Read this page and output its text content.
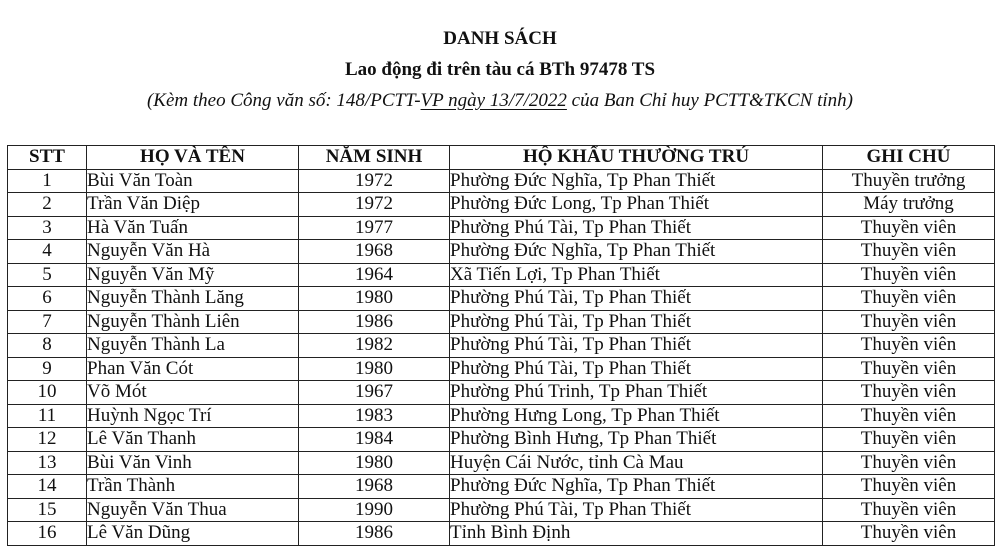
DANH SÁCH
Lao động đi trên tàu cá BTh 97478 TS
(Kèm theo Công văn số: 148/PCTT-VP ngày 13/7/2022 của Ban Chỉ huy PCTT&TKCN tỉnh)
STT	HỌ VÀ TÊN	NĂM SINH	HỘ KHẨU THƯỜNG TRÚ	GHI CHÚ
1	Bùi Văn Toàn	1972	Phường Đức Nghĩa, Tp Phan Thiết	Thuyền trưởng
2	Trần Văn Diệp	1972	Phường Đức Long, Tp Phan Thiết	Máy trưởng
3	Hà Văn Tuấn	1977	Phường Phú Tài, Tp Phan Thiết	Thuyền viên
4	Nguyễn Văn Hà	1968	Phường Đức Nghĩa, Tp Phan Thiết	Thuyền viên
5	Nguyễn Văn Mỹ	1964	Xã Tiến Lợi, Tp Phan Thiết	Thuyền viên
6	Nguyễn Thành Lăng	1980	Phường Phú Tài, Tp Phan Thiết	Thuyền viên
7	Nguyễn Thành Liên	1986	Phường Phú Tài, Tp Phan Thiết	Thuyền viên
8	Nguyễn Thành La	1982	Phường Phú Tài, Tp Phan Thiết	Thuyền viên
9	Phan Văn Cót	1980	Phường Phú Tài, Tp Phan Thiết	Thuyền viên
10	Võ Mót	1967	Phường Phú Trinh, Tp Phan Thiết	Thuyền viên
11	Huỳnh Ngọc Trí	1983	Phường Hưng Long, Tp Phan Thiết	Thuyền viên
12	Lê Văn Thanh	1984	Phường Bình Hưng, Tp Phan Thiết	Thuyền viên
13	Bùi Văn Vinh	1980	Huyện Cái Nước, tỉnh Cà Mau	Thuyền viên
14	Trần Thành	1968	Phường Đức Nghĩa, Tp Phan Thiết	Thuyền viên
15	Nguyễn Văn Thua	1990	Phường Phú Tài, Tp Phan Thiết	Thuyền viên
16	Lê Văn Dũng	1986	Tỉnh Bình Định	Thuyền viên
